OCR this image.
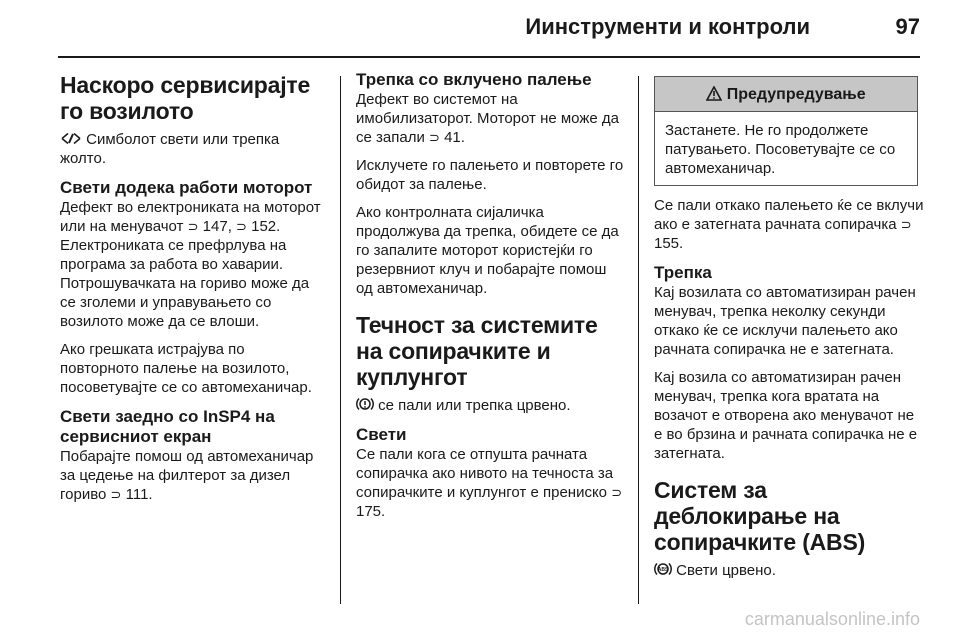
Иинструменти и контроли	97
Наскоро сервисирајте го возилото

Симболот свети или трепка жолто.

Свети додека работи моторот

Дефект во електрониката на моторот или на менувачот ⊃ 147, ⊃ 152. Електрониката се префрлува на програма за работа во хаварии. Потрошувачката на гориво може да се зголеми и управувањето со возилото може да се влоши.

Ако грешката истрајува по повторното палење на возилото, посоветувајте се со автомеханичар.

Свети заедно со InSP4 на сервисниот екран

Побарајте помош од автомеханичар за цедење на филтерот за дизел гориво ⊃ 111.

Трепка со вклучено палење

Дефект во системот на имобилизаторот. Моторот не може да се запали ⊃ 41.

Исклучете го палењето и повторете го обидот за палење.

Ако контролната сијаличка продолжува да трепка, обидете се да го запалите моторот користејќи го резервниот клуч и побарајте помош од автомеханичар.

Течност за системите на сопирачките и куплунгот

се пали или трепка црвено.

Свети

Се пали кога се отпушта рачната сопирачка ако нивото на течноста за сопирачките и куплунгот е прениско ⊃ 175.

Предупредување

Застанете. Не го продолжете патувањето. Посоветувајте се со автомеханичар.

Се пали откако палењето ќе се вклучи ако е затегната рачната сопирачка ⊃ 155.

Трепка

Кај возилата со автоматизиран рачен менувач, трепка неколку секунди откако ќе се исклучи палењето ако рачната сопирачка не е затегната.

Кај возила со автоматизиран рачен менувач, трепка кога вратата на возачот е отворена ако менувачот не е во брзина и рачната сопирачка не е затегната.

Систем за деблокирање на сопирачките (ABS)

ABS Свети црвено.

carmanualsonline.info
